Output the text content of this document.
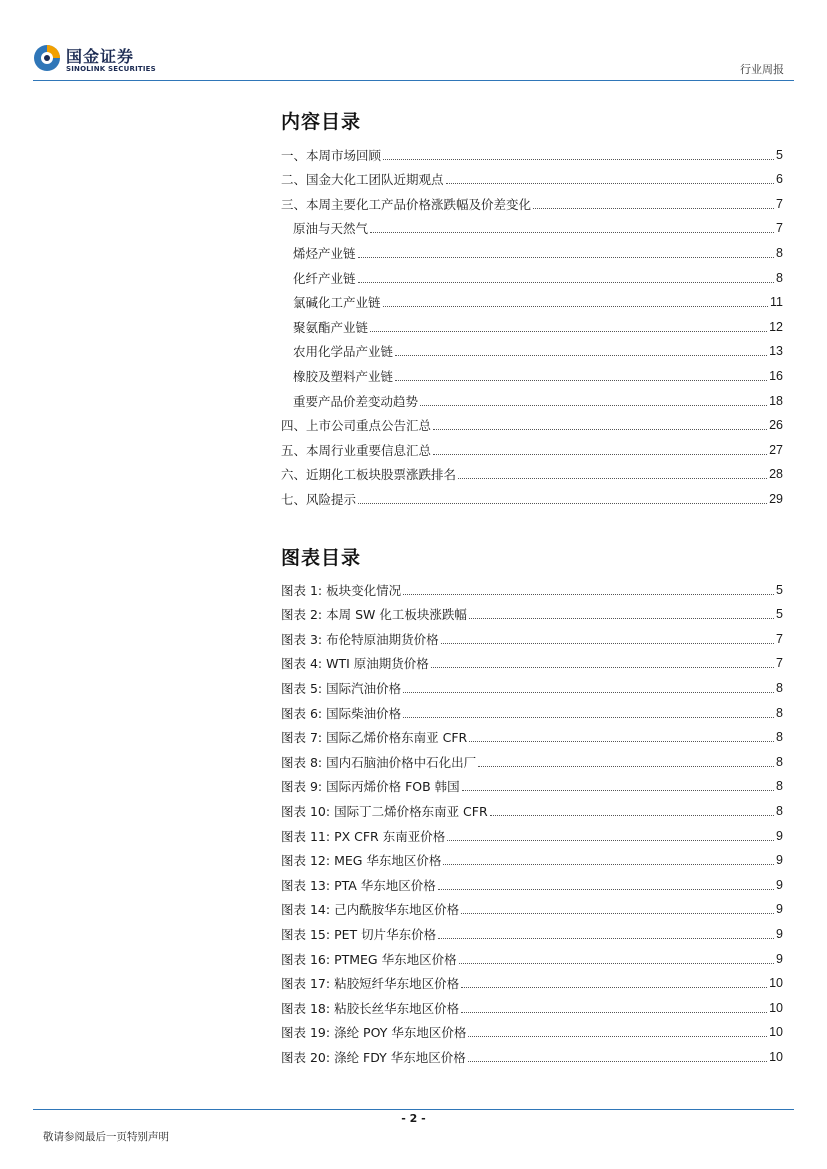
国金证券
SINOLINK SECURITIES	行业周报
内容目录
一、本周市场回顾	5
二、国金大化工团队近期观点	6
三、本周主要化工产品价格涨跌幅及价差变化	7
原油与天然气	7
烯烃产业链	8
化纤产业链	8
氯碱化工产业链	11
聚氨酯产业链	12
农用化学品产业链	13
橡胶及塑料产业链	16
重要产品价差变动趋势	18
四、上市公司重点公告汇总	26
五、本周行业重要信息汇总	27
六、近期化工板块股票涨跌排名	28
七、风险提示	29
图表目录
图表 1: 板块变化情况	5
图表 2: 本周 SW 化工板块涨跌幅	5
图表 3: 布伦特原油期货价格	7
图表 4: WTI 原油期货价格	7
图表 5: 国际汽油价格	8
图表 6: 国际柴油价格	8
图表 7: 国际乙烯价格东南亚 CFR	8
图表 8: 国内石脑油价格中石化出厂	8
图表 9: 国际丙烯价格 FOB 韩国	8
图表 10: 国际丁二烯价格东南亚 CFR	8
图表 11: PX CFR 东南亚价格	9
图表 12: MEG 华东地区价格	9
图表 13: PTA 华东地区价格	9
图表 14: 己内酰胺华东地区价格	9
图表 15: PET 切片华东价格	9
图表 16: PTMEG 华东地区价格	9
图表 17: 粘胶短纤华东地区价格	10
图表 18: 粘胶长丝华东地区价格	10
图表 19: 涤纶 POY 华东地区价格	10
图表 20: 涤纶 FDY 华东地区价格	10
- 2 -
敬请参阅最后一页特别声明
